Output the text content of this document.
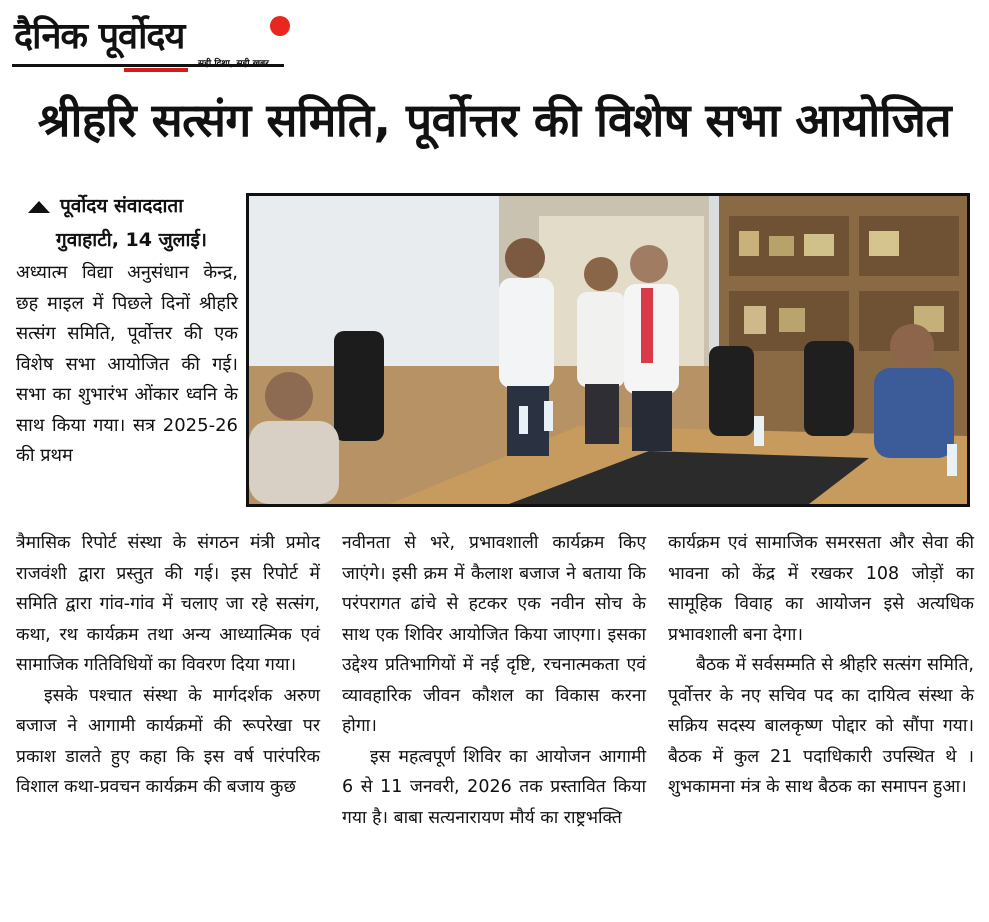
दैनिक पूर्वोदय
श्रीहरि सत्संग समिति, पूर्वोत्तर की विशेष सभा आयोजित
पूर्वोदय संवाददाता
गुवाहाटी, 14 जुलाई।
अध्यात्म विद्या अनुसंधान केन्द्र, छह माइल में पिछले दिनों श्रीहरि सत्संग समिति, पूर्वोत्तर की एक विशेष सभा आयोजित की गई। सभा का शुभारंभ ओंकार ध्वनि के साथ किया गया। सत्र 2025-26 की प्रथम

त्रैमासिक रिपोर्ट संस्था के संगठन मंत्री प्रमोद राजवंशी द्वारा प्रस्तुत की गई। इस रिपोर्ट में समिति द्वारा गांव-गांव में चलाए जा रहे सत्संग, कथा, रथ कार्यक्रम तथा अन्य आध्यात्मिक एवं सामाजिक गतिविधियों का विवरण दिया गया।

इसके पश्चात संस्था के मार्गदर्शक अरुण बजाज ने आगामी कार्यक्रमों की रूपरेखा पर प्रकाश डालते हुए कहा कि इस वर्ष पारंपरिक विशाल कथा-प्रवचन कार्यक्रम की बजाय कुछ

नवीनता से भरे, प्रभावशाली कार्यक्रम किए जाएंगे। इसी क्रम में कैलाश बजाज ने बताया कि परंपरागत ढांचे से हटकर एक नवीन सोच के साथ एक शिविर आयोजित किया जाएगा। इसका उद्देश्य प्रतिभागियों में नई दृष्टि, रचनात्मकता एवं व्यावहारिक जीवन कौशल का विकास करना होगा।

इस महत्वपूर्ण शिविर का आयोजन आगामी 6 से 11 जनवरी, 2026 तक प्रस्तावित किया गया है। बाबा सत्यनारायण मौर्य का राष्ट्रभक्ति

कार्यक्रम एवं सामाजिक समरसता और सेवा की भावना को केंद्र में रखकर 108 जोड़ों का सामूहिक विवाह का आयोजन इसे अत्यधिक प्रभावशाली बना देगा।

बैठक में सर्वसम्मति से श्रीहरि सत्संग समिति, पूर्वोत्तर के नए सचिव पद का दायित्व संस्था के सक्रिय सदस्य बालकृष्ण पोद्दार को सौंपा गया। बैठक में कुल 21 पदाधिकारी उपस्थित थे । शुभकामना मंत्र के साथ बैठक का समापन हुआ।
